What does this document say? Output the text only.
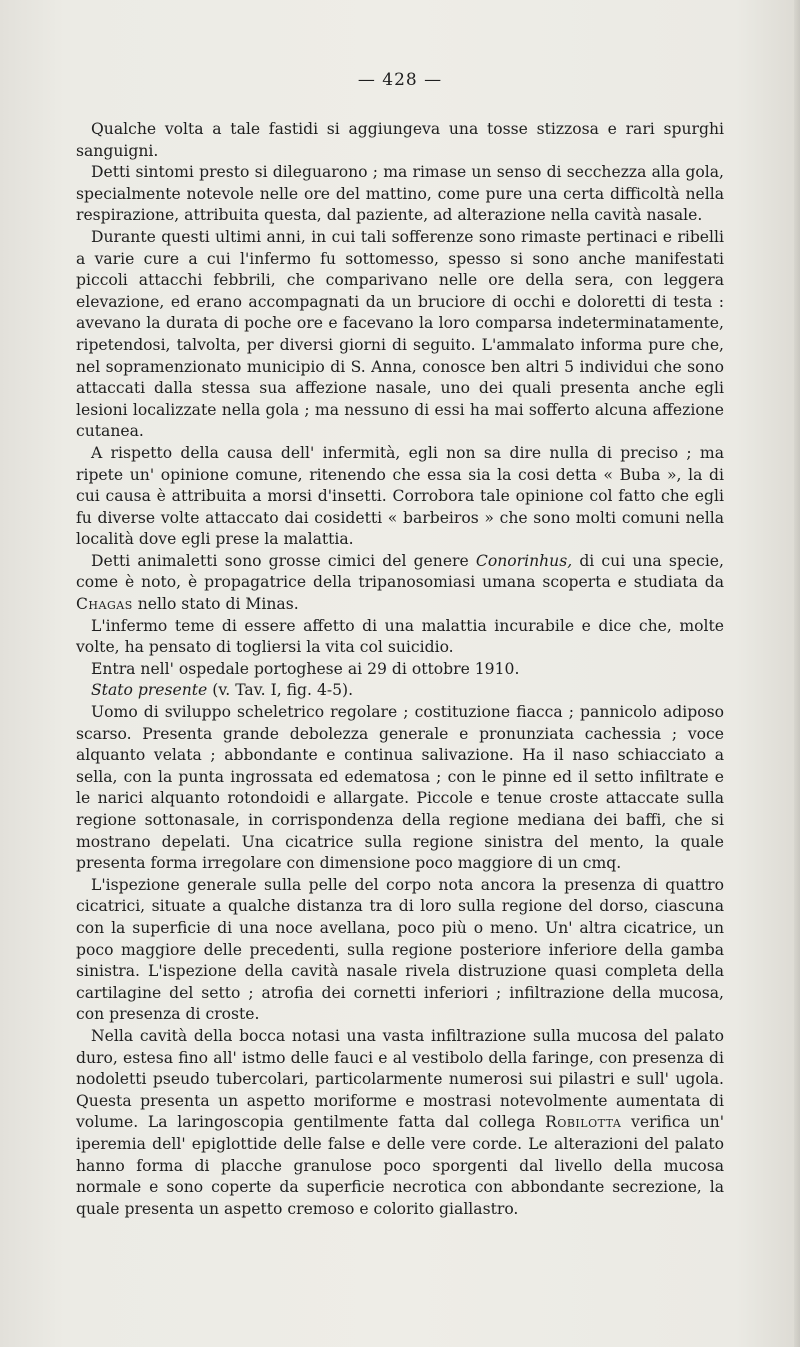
— 428 —

Qualche volta a tale fastidi si aggiungeva una tosse stizzosa e rari spurghi sanguigni.

Detti sintomi presto si dileguarono ; ma rimase un senso di secchezza alla gola, specialmente notevole nelle ore del mattino, come pure una certa difficoltà nella respirazione, attribuita questa, dal paziente, ad alterazione nella cavità nasale.

Durante questi ultimi anni, in cui tali sofferenze sono rimaste pertinaci e ribelli a varie cure a cui l'infermo fu sottomesso, spesso si sono anche manifestati piccoli attacchi febbrili, che comparivano nelle ore della sera, con leggera elevazione, ed erano accompagnati da un bruciore di occhi e doloretti di testa : avevano la durata di poche ore e facevano la loro comparsa indeterminatamente, ripetendosi, talvolta, per diversi giorni di seguito. L'ammalato informa pure che, nel sopramenzionato municipio di S. Anna, conosce ben altri 5 individui che sono attaccati dalla stessa sua affezione nasale, uno dei quali presenta anche egli lesioni localizzate nella gola ; ma nessuno di essi ha mai sofferto alcuna affezione cutanea.

A rispetto della causa dell' infermità, egli non sa dire nulla di preciso ; ma ripete un' opinione comune, ritenendo che essa sia la cosi detta « Buba », la di cui causa è attribuita a morsi d'insetti. Corrobora tale opinione col fatto che egli fu diverse volte attaccato dai cosidetti « barbeiros » che sono molti comuni nella località dove egli prese la malattia.

Detti animaletti sono grosse cimici del genere Conorinhus, di cui una specie, come è noto, è propagatrice della tripanosomiasi umana scoperta e studiata da Chagas nello stato di Minas.

L'infermo teme di essere affetto di una malattia incurabile e dice che, molte volte, ha pensato di togliersi la vita col suicidio.

Entra nell' ospedale portoghese ai 29 di ottobre 1910.

Stato presente (v. Tav. I, fig. 4-5).

Uomo di sviluppo scheletrico regolare ; costituzione fiacca ; pannicolo adiposo scarso. Presenta grande debolezza generale e pronunziata cachessia ; voce alquanto velata ; abbondante e continua salivazione. Ha il naso schiacciato a sella, con la punta ingrossata ed edematosa ; con le pinne ed il setto infiltrate e le narici alquanto rotondoidi e allargate. Piccole e tenue croste attaccate sulla regione sottonasale, in corrispondenza della regione mediana dei baffi, che si mostrano depelati. Una cicatrice sulla regione sinistra del mento, la quale presenta forma irregolare con dimensione poco maggiore di un cmq.

L'ispezione generale sulla pelle del corpo nota ancora la presenza di quattro cicatrici, situate a qualche distanza tra di loro sulla regione del dorso, ciascuna con la superficie di una noce avellana, poco più o meno. Un' altra cicatrice, un poco maggiore delle precedenti, sulla regione posteriore inferiore della gamba sinistra. L'ispezione della cavità nasale rivela distruzione quasi completa della cartilagine del setto ; atrofia dei cornetti inferiori ; infiltrazione della mucosa, con presenza di croste.

Nella cavità della bocca notasi una vasta infiltrazione sulla mucosa del palato duro, estesa fino all' istmo delle fauci e al vestibolo della faringe, con presenza di nodoletti pseudo tubercolari, particolarmente numerosi sui pilastri e sull' ugola. Questa presenta un aspetto moriforme e mostrasi notevolmente aumentata di volume. La laringoscopia gentilmente fatta dal collega Robilotta verifica un' iperemia dell' epiglottide delle false e delle vere corde. Le alterazioni del palato hanno forma di placche granulose poco sporgenti dal livello della mucosa normale e sono coperte da superficie necrotica con abbondante secrezione, la quale presenta un aspetto cremoso e colorito giallastro.
